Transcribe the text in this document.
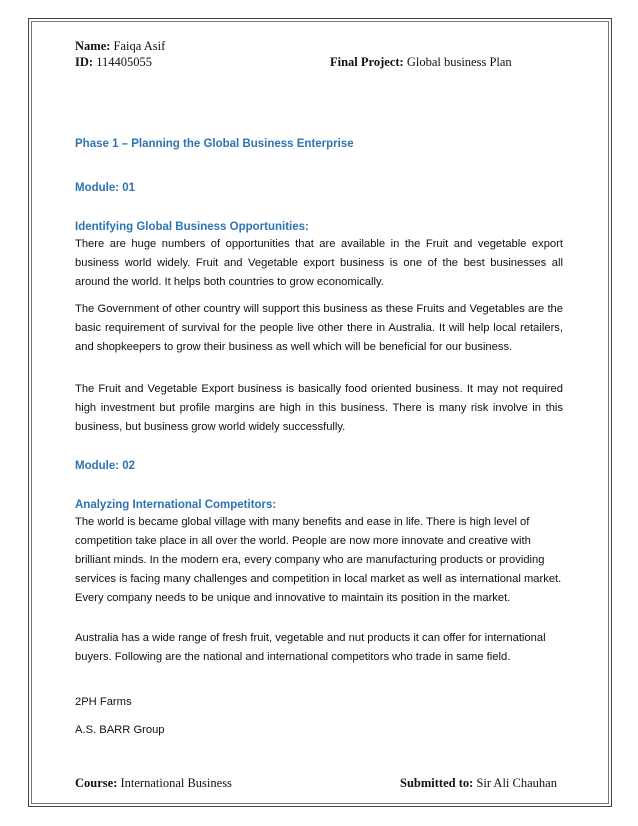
Name: Faiqa Asif
ID: 114405055	Final Project: Global business Plan
Phase 1 – Planning the Global Business Enterprise
Module: 01
Identifying Global Business Opportunities:

There are huge numbers of opportunities that are available in the Fruit and vegetable export business world widely. Fruit and Vegetable export business is one of the best businesses all around the world. It helps both countries to grow economically.

The Government of other country will support this business as these Fruits and Vegetables are the basic requirement of survival for the people live other there in Australia. It will help local retailers, and shopkeepers to grow their business as well which will be beneficial for our business.

The Fruit and Vegetable Export business is basically food oriented business. It may not required high investment but profile margins are high in this business. There is many risk involve in this business, but business grow world widely successfully.

Module: 02
Analyzing International Competitors:

The world is became global village with many benefits and ease in life. There is high level of competition take place in all over the world. People are now more innovate and creative with brilliant minds. In the modern era, every company who are manufacturing products or providing services is facing many challenges and competition in local market as well as international market. Every company needs to be unique and innovative to maintain its position in the market.

Australia has a wide range of fresh fruit, vegetable and nut products it can offer for international buyers. Following are the national and international competitors who trade in same field.

2PH Farms
A.S. BARR Group
Course: International Business	Submitted to: Sir Ali Chauhan
